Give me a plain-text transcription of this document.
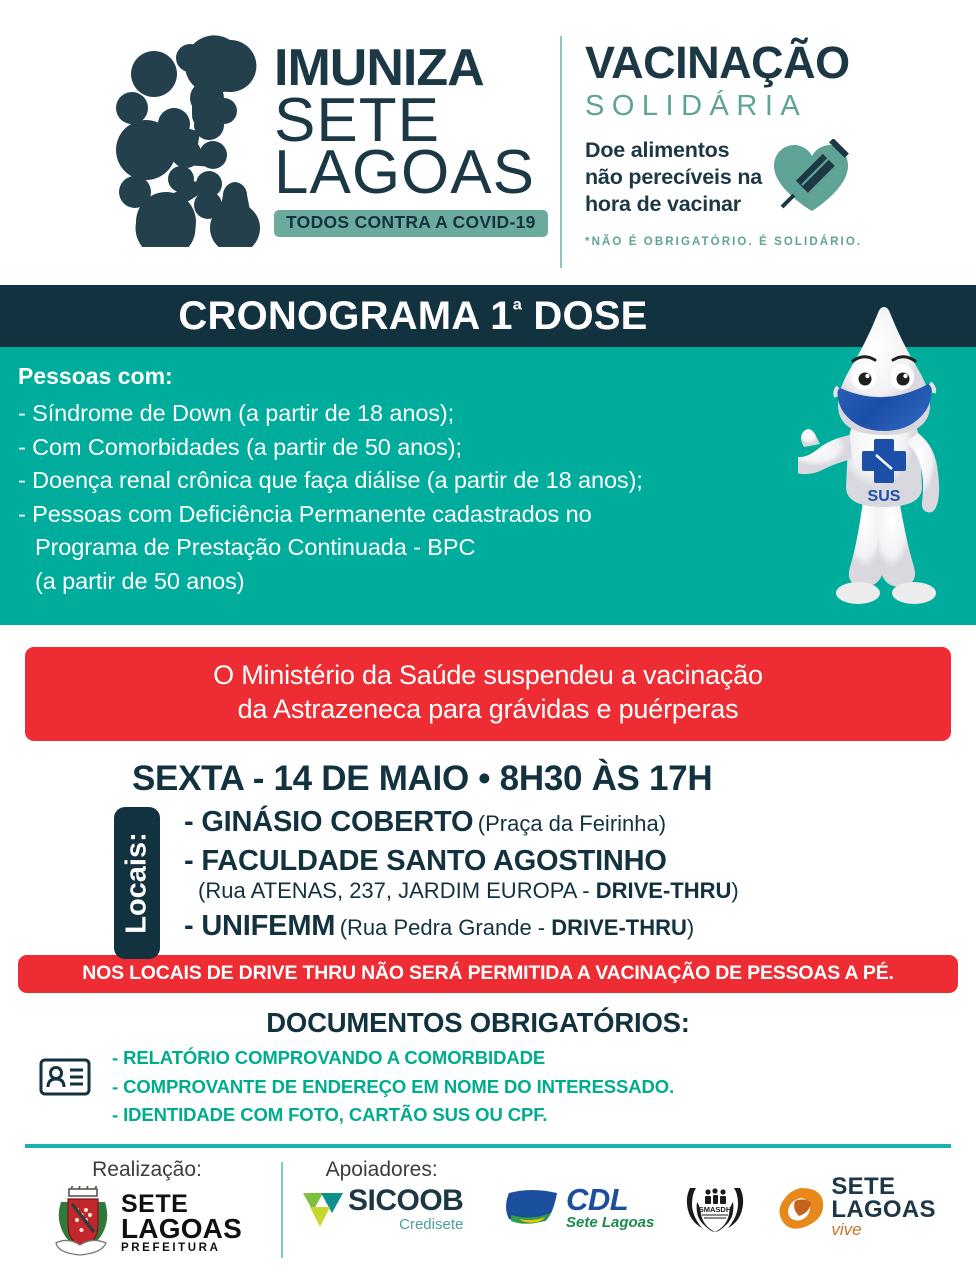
IMUNIZA
SETE
LAGOAS
TODOS CONTRA A COVID-19
VACINAÇÃO
SOLIDÁRIA
Doe alimentos
não perecíveis na
hora de vacinar
*NÃO É OBRIGATÓRIO. É SOLIDÁRIO.
CRONOGRAMA $1^ª$ DOSE
Pessoas com:
- Síndrome de Down (a partir de 18 anos);
- Com Comorbidades (a partir de 50 anos);
- Doença renal crônica que faça diálise (a partir de 18 anos);
- Pessoas com Deficiência Permanente cadastrados no
Programa de Prestação Continuada - BPC
(a partir de 50 anos)
SUS

O Ministério da Saúde suspendeu a vacinação

da Astrazeneca para grávidas e puérperas

SEXTA - 14 DE MAIO • 8H30 ÀS 17H
Locais:
- GINÁSIO COBERTO (Praça da Feirinha)
- FACULDADE SANTO AGOSTINHO
(Rua ATENAS, 237, JARDIM EUROPA - DRIVE-THRU)
- UNIFEMM (Rua Pedra Grande - DRIVE-THRU)

NOS LOCAIS DE DRIVE THRU NÃO SERÁ PERMITIDA A VACINAÇÃO DE PESSOAS A PÉ.

DOCUMENTOS OBRIGATÓRIOS:
- RELATÓRIO COMPROVANDO A COMORBIDADE
- COMPROVANTE DE ENDEREÇO EM NOME DO INTERESSADO.
- IDENTIDADE COM FOTO, CARTÃO SUS OU CPF.
Realização:
SETE
LAGOAS
PREFEITURA
Apoiadores:
SICOOB
Credisete
CDL
Sete Lagoas
SMASDH
SETE
LAGOAS
vive
